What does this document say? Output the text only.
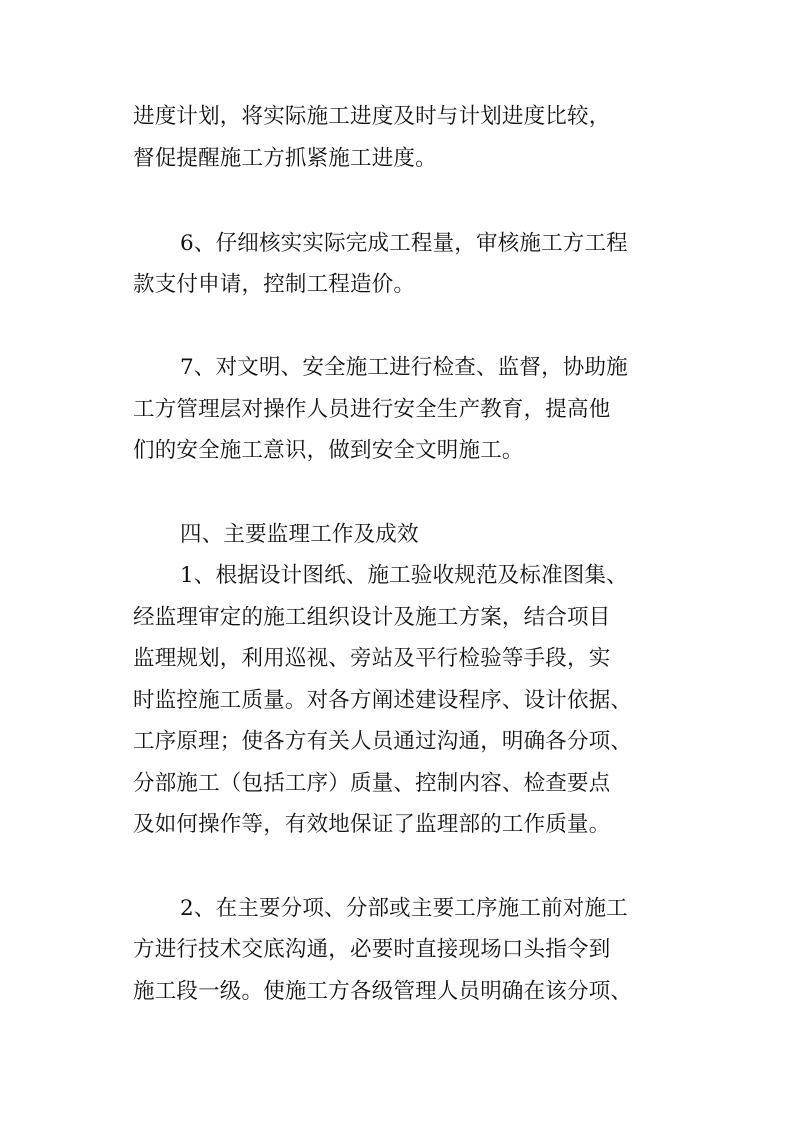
进度计划，将实际施工进度及时与计划进度比较，
督促提醒施工方抓紧施工进度。
6、仔细核实实际完成工程量，审核施工方工程
款支付申请，控制工程造价。
7、对文明、安全施工进行检查、监督，协助施
工方管理层对操作人员进行安全生产教育，提高他
们的安全施工意识，做到安全文明施工。
四、主要监理工作及成效
1、根据设计图纸、施工验收规范及标准图集、
经监理审定的施工组织设计及施工方案，结合项目
监理规划，利用巡视、旁站及平行检验等手段，实
时监控施工质量。对各方阐述建设程序、设计依据、
工序原理；使各方有关人员通过沟通，明确各分项、
分部施工（包括工序）质量、控制内容、检查要点
及如何操作等，有效地保证了监理部的工作质量。
2、在主要分项、分部或主要工序施工前对施工
方进行技术交底沟通，必要时直接现场口头指令到
施工段一级。使施工方各级管理人员明确在该分项、
